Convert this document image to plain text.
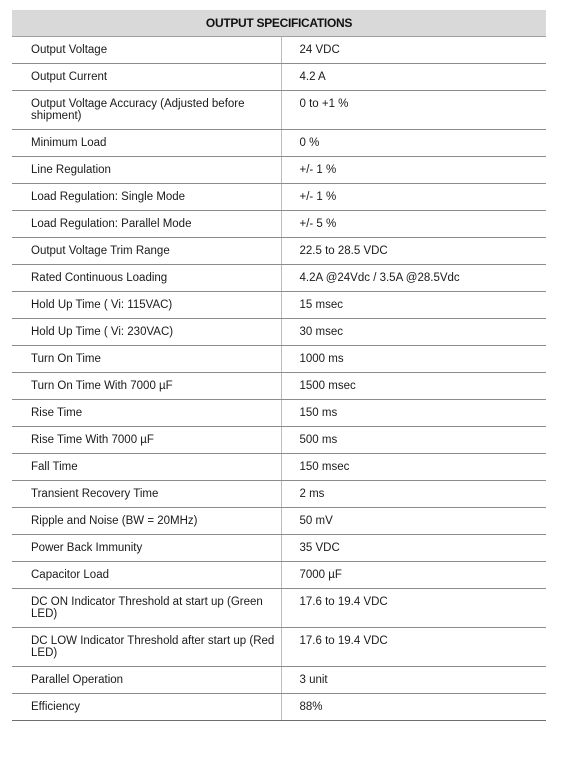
OUTPUT SPECIFICATIONS	
Output Voltage	24 VDC
Output Current	4.2 A
Output Voltage Accuracy (Adjusted before shipment)	0 to +1 %
Minimum Load	0 %
Line Regulation	+/- 1 %
Load Regulation: Single Mode	+/- 1 %
Load Regulation: Parallel Mode	+/- 5 %
Output Voltage Trim Range	22.5 to 28.5 VDC
Rated Continuous Loading	4.2A @24Vdc / 3.5A @28.5Vdc
Hold Up Time ( Vi: 115VAC)	15 msec
Hold Up Time ( Vi: 230VAC)	30 msec
Turn On Time	1000 ms
Turn On Time With 7000 µF	1500 msec
Rise Time	150 ms
Rise Time With 7000 µF	500 ms
Fall Time	150 msec
Transient Recovery Time	2 ms
Ripple and Noise (BW = 20MHz)	50 mV
Power Back Immunity	35 VDC
Capacitor Load	7000 µF
DC ON Indicator Threshold at start up (Green LED)	17.6 to 19.4 VDC
DC LOW Indicator Threshold after start up (Red LED)	17.6 to 19.4 VDC
Parallel Operation	3 unit
Efficiency	88%
